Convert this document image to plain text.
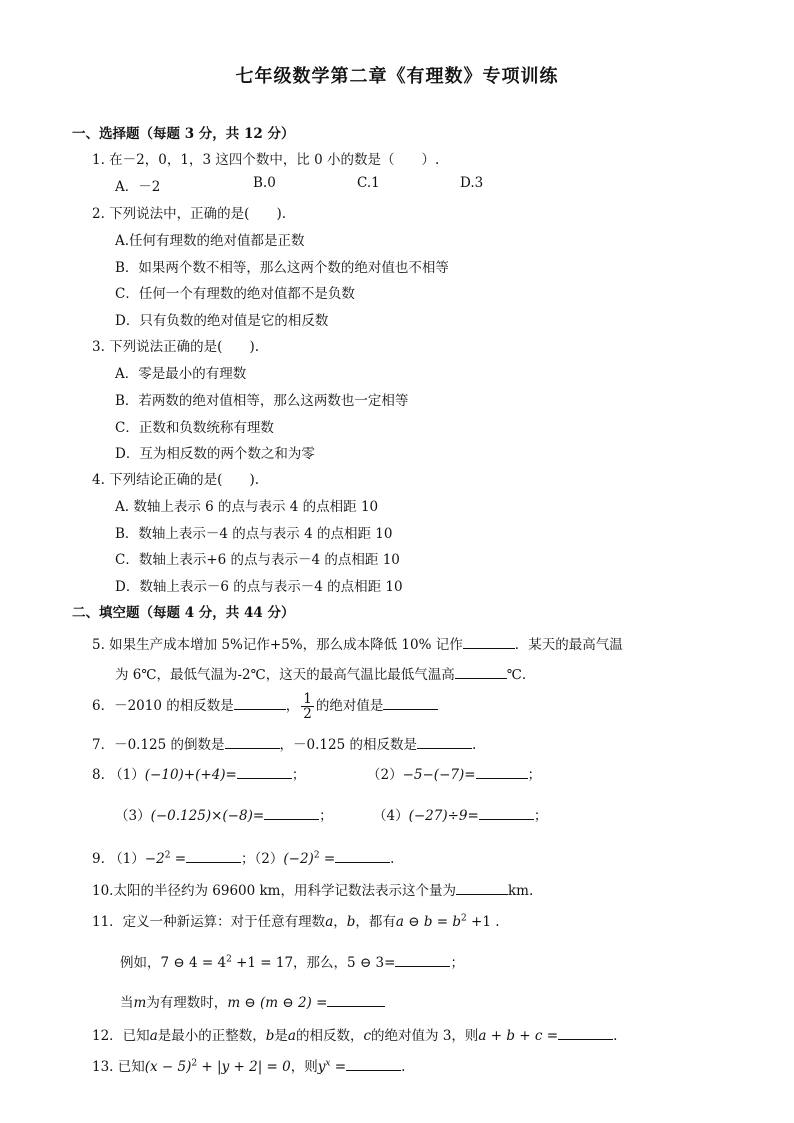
七年级数学第二章《有理数》专项训练
一、选择题（每题 3 分，共 12 分）
1. 在－2，0，1，3 这四个数中，比 0 小的数是（　　）.
A．－2	B.0	C.1	D.3
2. 下列说法中，正确的是(　　).
A.任何有理数的绝对值都是正数
B．如果两个数不相等，那么这两个数的绝对值也不相等
C．任何一个有理数的绝对值都不是负数
D．只有负数的绝对值是它的相反数
3. 下列说法正确的是(　　).
A．零是最小的有理数
B．若两数的绝对值相等，那么这两数也一定相等
C．正数和负数统称有理数
D．互为相反数的两个数之和为零
4. 下列结论正确的是(　　).
A. 数轴上表示 6 的点与表示 4 的点相距 10
B．数轴上表示－4 的点与表示 4 的点相距 10
C．数轴上表示+6 的点与表示－4 的点相距 10
D．数轴上表示－6 的点与表示－4 的点相距 10
二、填空题（每题 4 分，共 44 分）
5. 如果生产成本增加 5%记作+5%，那么成本降低 10% 记作	．某天的最高气温
为 6℃，最低气温为-2℃，这天的最高气温比最低气温高	℃.
6．－2010 的相反数是	， $\frac{1}{2}$ 的绝对值是
7．－0.125 的倒数是	，－0.125 的相反数是	.
8. （1）(−10)+(+4)=	；	（2）−5−(−7)=	；
（3）(−0.125)×(−8)=	；	（4）(−27)÷9=	；
9. $(1)-2^2$ =	；$(2)(-2)^2$ =	.
10.太阳的半径约为 69600 km，用科学记数法表示这个量为	km.
11．定义一种新运算：对于任意有理数a，b，都有a ⊖ $b = b^2 +1$ .
例如，7 ⊖ $4 = 4^2 +1 = 17$，那么，5 ⊖ 3=	；
当m为有理数时，m ⊖ (m ⊖ 2) =
12．已知a是最小的正整数，b是a的相反数，c的绝对值为 3，则a + b + c =	.
13. 已知$(x - 5)^2 + |y + 2| = 0$，则$y^x$ =	.
